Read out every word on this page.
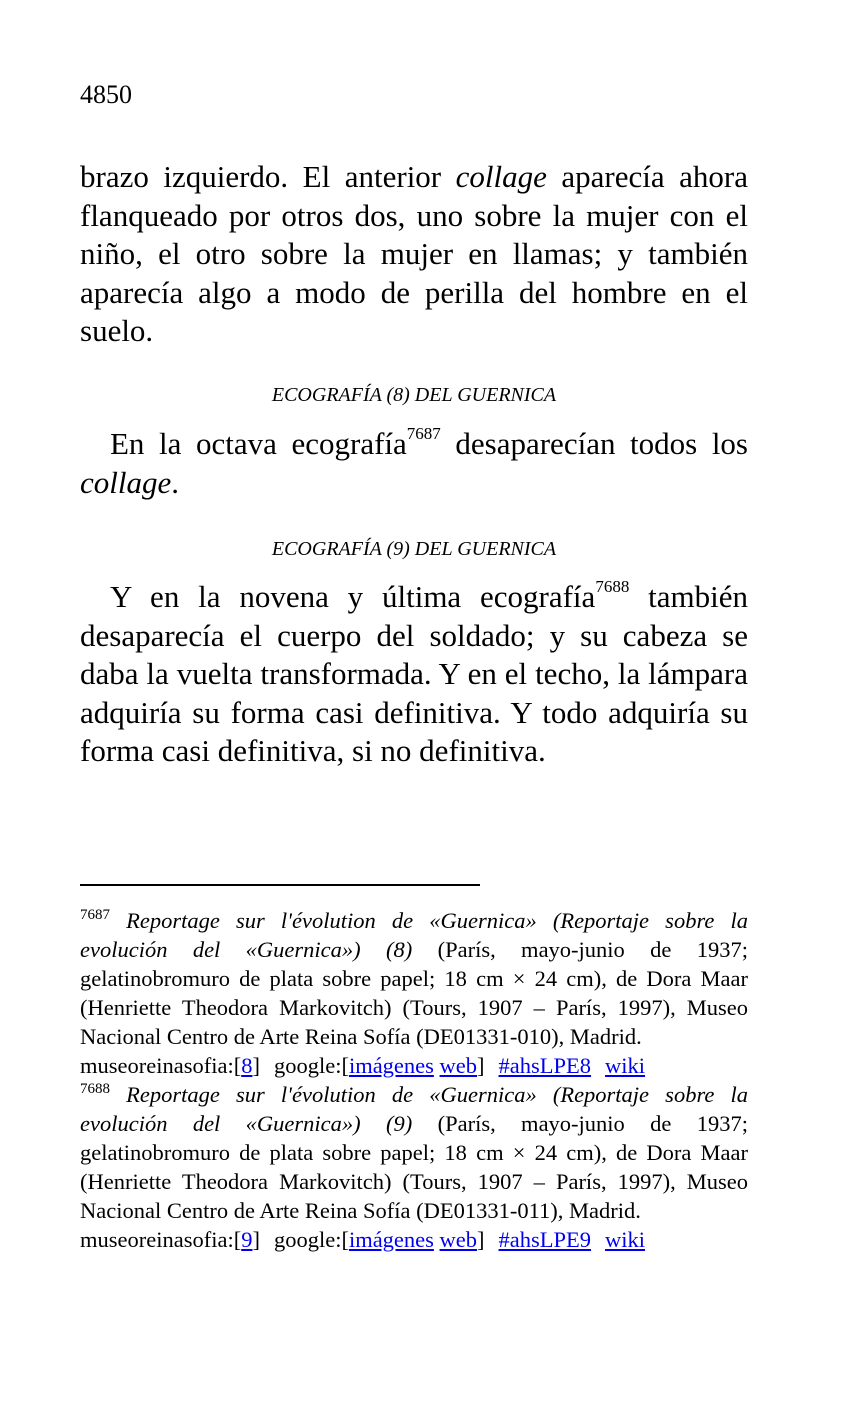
4850

brazo izquierdo. El anterior collage aparecía ahora flanqueado por otros dos, uno sobre la mujer con el niño, el otro sobre la mujer en llamas; y también aparecía algo a modo de perilla del hombre en el suelo.

ECOGRAFÍA (8) DEL GUERNICA

En la octava ecografía$^{7687}$ desaparecían todos los collage.

ECOGRAFÍA (9) DEL GUERNICA

Y en la novena y última ecografía$^{7688}$ también desaparecía el cuerpo del soldado; y su cabeza se daba la vuelta transformada. Y en el techo, la lámpara adquiría su forma casi definitiva. Y todo adquiría su forma casi definitiva, si no definitiva.

$^{7687}$ Reportage sur l'évolution de «Guernica» (Reportaje sobre la evolución del «Guernica») (8) (París, mayo-junio de 1937; gelatinobromuro de plata sobre papel; 18 cm × 24 cm), de Dora Maar (Henriette Theodora Markovitch) (Tours, 1907 – París, 1997), Museo Nacional Centro de Arte Reina Sofía (DE01331-010), Madrid.

museoreinasofia:[8] google:[imágenes web] #ahsLPE8 wiki

$^{7688}$ Reportage sur l'évolution de «Guernica» (Reportaje sobre la evolución del «Guernica») (9) (París, mayo-junio de 1937; gelatinobromuro de plata sobre papel; 18 cm × 24 cm), de Dora Maar (Henriette Theodora Markovitch) (Tours, 1907 – París, 1997), Museo Nacional Centro de Arte Reina Sofía (DE01331-011), Madrid.

museoreinasofia:[9] google:[imágenes web] #ahsLPE9 wiki
